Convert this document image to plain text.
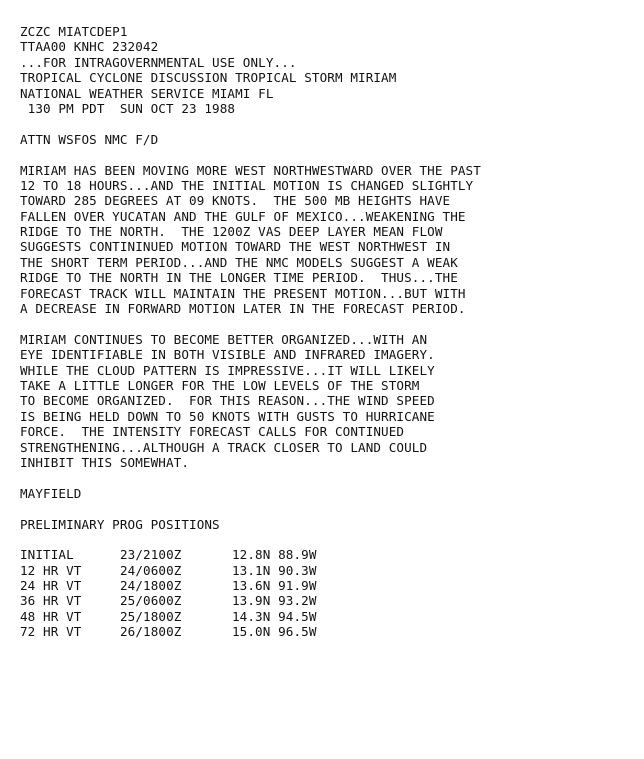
ZCZC MIATCDEP1
TTAA00 KNHC 232042
...FOR INTRAGOVERNMENTAL USE ONLY...
TROPICAL CYCLONE DISCUSSION TROPICAL STORM MIRIAM
NATIONAL WEATHER SERVICE MIAMI FL
130 PM PDT  SUN OCT 23 1988
ATTN WSFOS NMC F/D
MIRIAM HAS BEEN MOVING MORE WEST NORTHWESTWARD OVER THE PAST
12 TO 18 HOURS...AND THE INITIAL MOTION IS CHANGED SLIGHTLY
TOWARD 285 DEGREES AT 09 KNOTS.  THE 500 MB HEIGHTS HAVE
FALLEN OVER YUCATAN AND THE GULF OF MEXICO...WEAKENING THE
RIDGE TO THE NORTH.  THE 1200Z VAS DEEP LAYER MEAN FLOW
SUGGESTS CONTININUED MOTION TOWARD THE WEST NORTHWEST IN
THE SHORT TERM PERIOD...AND THE NMC MODELS SUGGEST A WEAK
RIDGE TO THE NORTH IN THE LONGER TIME PERIOD.  THUS...THE
FORECAST TRACK WILL MAINTAIN THE PRESENT MOTION...BUT WITH
A DECREASE IN FORWARD MOTION LATER IN THE FORECAST PERIOD.
MIRIAM CONTINUES TO BECOME BETTER ORGANIZED...WITH AN
EYE IDENTIFIABLE IN BOTH VISIBLE AND INFRARED IMAGERY.
WHILE THE CLOUD PATTERN IS IMPRESSIVE...IT WILL LIKELY
TAKE A LITTLE LONGER FOR THE LOW LEVELS OF THE STORM
TO BECOME ORGANIZED.  FOR THIS REASON...THE WIND SPEED
IS BEING HELD DOWN TO 50 KNOTS WITH GUSTS TO HURRICANE
FORCE.  THE INTENSITY FORECAST CALLS FOR CONTINUED
STRENGTHENING...ALTHOUGH A TRACK CLOSER TO LAND COULD
INHIBIT THIS SOMEWHAT.
MAYFIELD
PRELIMINARY PROG POSITIONS
INITIAL	23/2100Z	12.8N 88.9W
12 HR VT	24/0600Z	13.1N 90.3W
24 HR VT	24/1800Z	13.6N 91.9W
36 HR VT	25/0600Z	13.9N 93.2W
48 HR VT	25/1800Z	14.3N 94.5W
72 HR VT	26/1800Z	15.0N 96.5W
